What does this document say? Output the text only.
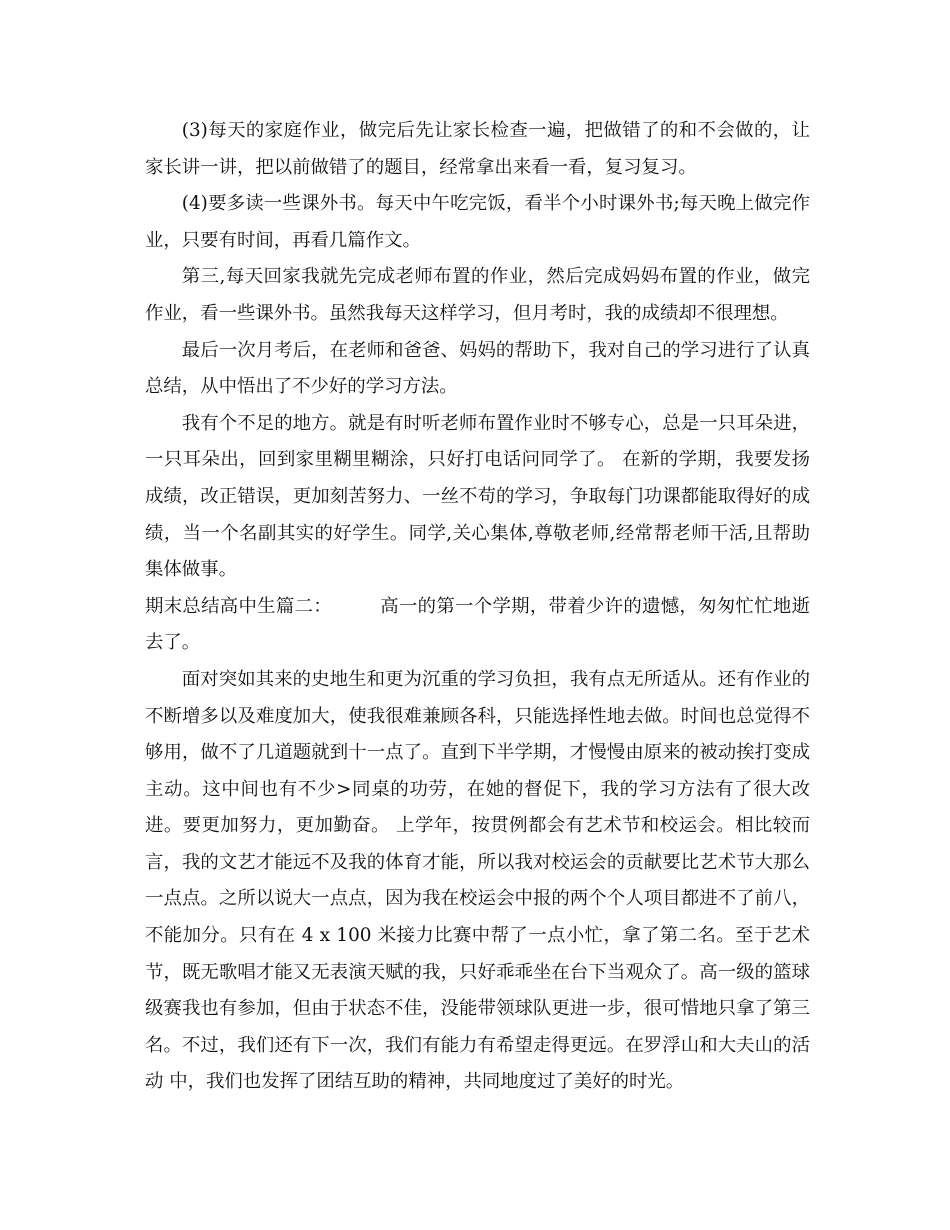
(3)每天的家庭作业，做完后先让家长检查一遍，把做错了的和不会做的，让家长讲一讲，把以前做错了的题目，经常拿出来看一看，复习复习。

(4)要多读一些课外书。每天中午吃完饭，看半个小时课外书;每天晚上做完作业，只要有时间，再看几篇作文。

第三,每天回家我就先完成老师布置的作业，然后完成妈妈布置的作业，做完作业，看一些课外书。虽然我每天这样学习，但月考时，我的成绩却不很理想。

最后一次月考后，在老师和爸爸、妈妈的帮助下，我对自己的学习进行了认真总结，从中悟出了不少好的学习方法。

我有个不足的地方。就是有时听老师布置作业时不够专心，总是一只耳朵进，一只耳朵出，回到家里糊里糊涂，只好打电话问同学了。 在新的学期，我要发扬成绩，改正错误，更加刻苦努力、一丝不苟的学习，争取每门功课都能取得好的成绩，当一个名副其实的好学生。同学,关心集体,尊敬老师,经常帮老师干活,且帮助集体做事。

期末总结高中生篇二：	高一的第一个学期，带着少许的遗憾，匆匆忙忙地逝去了。

面对突如其来的史地生和更为沉重的学习负担，我有点无所适从。还有作业的不断增多以及难度加大，使我很难兼顾各科，只能选择性地去做。时间也总觉得不够用，做不了几道题就到十一点了。直到下半学期，才慢慢由原来的被动挨打变成主动。这中间也有不少>同桌的功劳，在她的督促下，我的学习方法有了很大改进。要更加努力，更加勤奋。 上学年，按贯例都会有艺术节和校运会。相比较而言，我的文艺才能远不及我的体育才能，所以我对校运会的贡献要比艺术节大那么一点点。之所以说大一点点，因为我在校运会中报的两个个人项目都进不了前八，不能加分。只有在 4 x 100 米接力比赛中帮了一点小忙，拿了第二名。至于艺术节，既无歌唱才能又无表演天赋的我，只好乖乖坐在台下当观众了。高一级的篮球级赛我也有参加，但由于状态不佳，没能带领球队更进一步，很可惜地只拿了第三名。不过，我们还有下一次，我们有能力有希望走得更远。在罗浮山和大夫山的活动 中，我们也发挥了团结互助的精神，共同地度过了美好的时光。
